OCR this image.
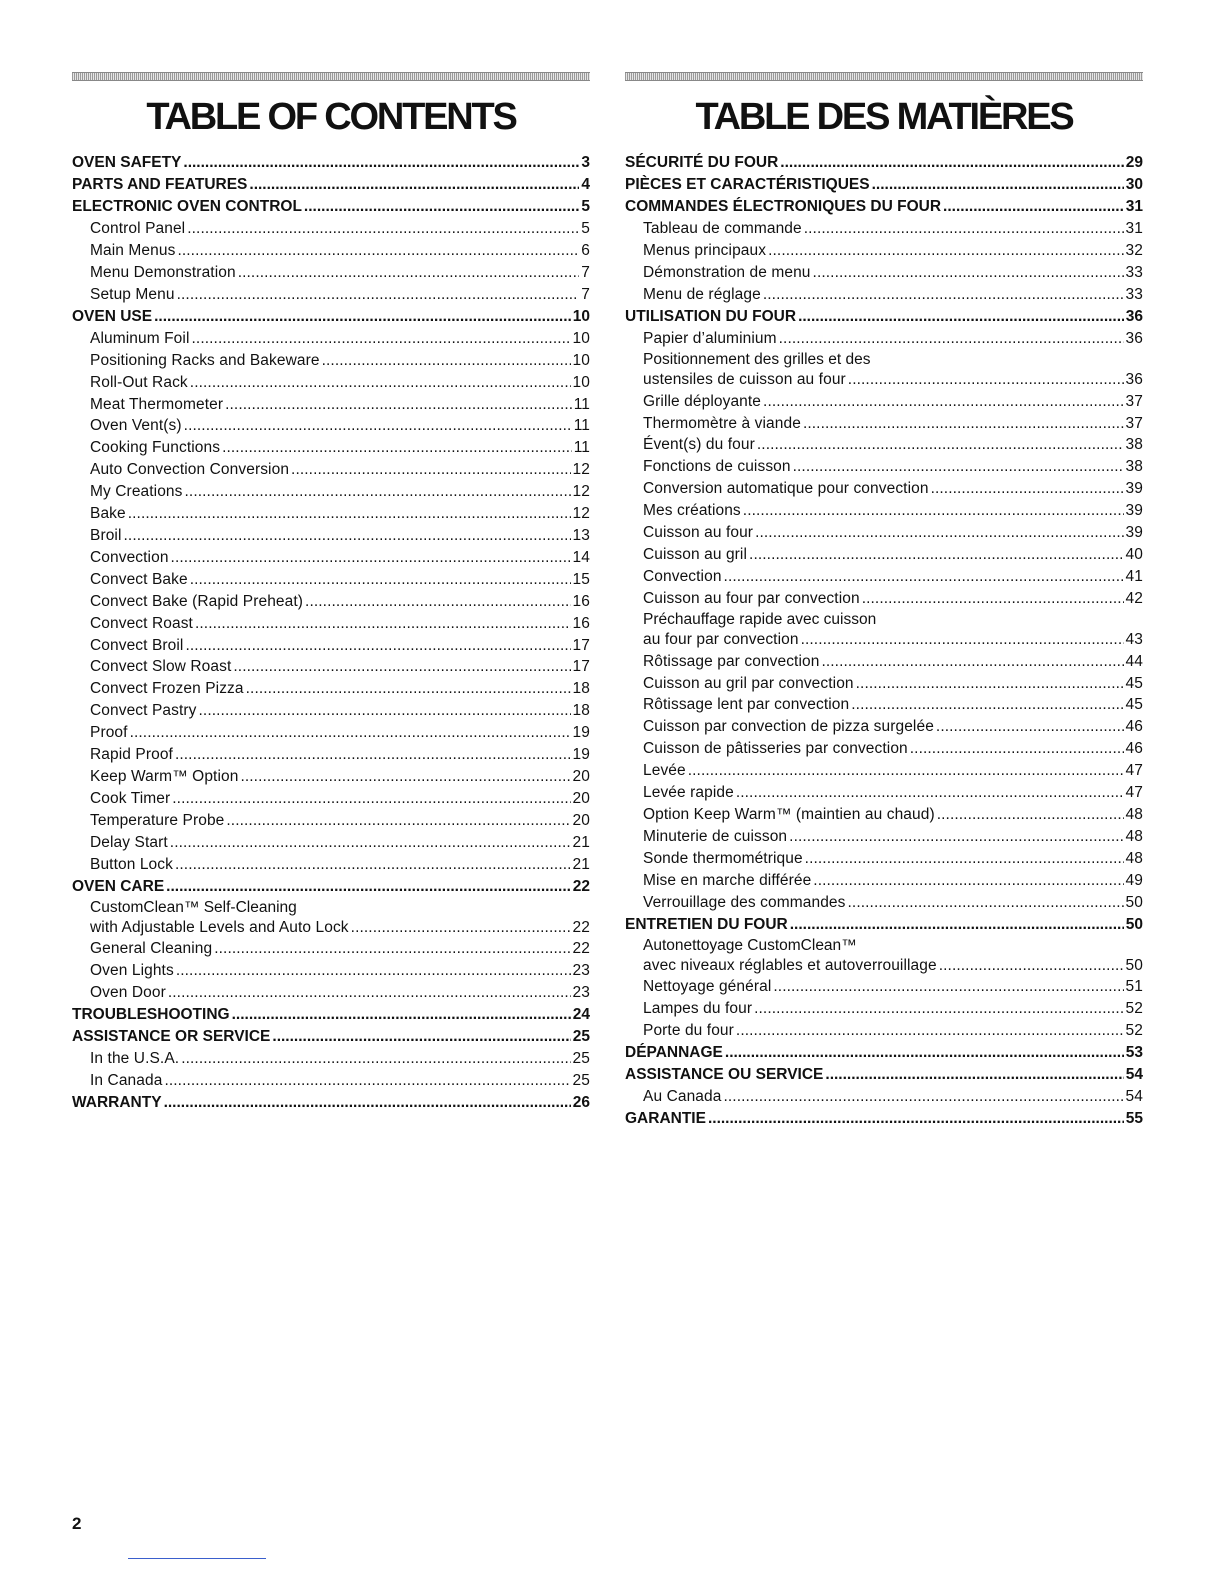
TABLE OF CONTENTS
OVEN SAFETY .....	3
PARTS AND FEATURES .....	4
ELECTRONIC OVEN CONTROL .....	5
Control Panel .....	5
Main Menus .....	6
Menu Demonstration .....	7
Setup Menu .....	7
OVEN USE .....	10
Aluminum Foil .....	10
Positioning Racks and Bakeware .....	10
Roll-Out Rack .....	10
Meat Thermometer .....	11
Oven Vent(s) .....	11
Cooking Functions .....	11
Auto Convection Conversion .....	12
My Creations .....	12
Bake .....	12
Broil .....	13
Convection .....	14
Convect Bake .....	15
Convect Bake (Rapid Preheat) .....	16
Convect Roast .....	16
Convect Broil .....	17
Convect Slow Roast .....	17
Convect Frozen Pizza .....	18
Convect Pastry .....	18
Proof .....	19
Rapid Proof .....	19
Keep Warm™ Option .....	20
Cook Timer .....	20
Temperature Probe .....	20
Delay Start .....	21
Button Lock .....	21
OVEN CARE .....	22
CustomClean™ Self-Cleaning
with Adjustable Levels and Auto Lock .....	22
General Cleaning .....	22
Oven Lights .....	23
Oven Door .....	23
TROUBLESHOOTING .....	24
ASSISTANCE OR SERVICE .....	25
In the U.S.A. .....	25
In Canada .....	25
WARRANTY .....	26
TABLE DES MATIÈRES
SÉCURITÉ DU FOUR .....	29
PIÈCES ET CARACTÉRISTIQUES .....	30
COMMANDES ÉLECTRONIQUES DU FOUR .....	31
Tableau de commande .....	31
Menus principaux .....	32
Démonstration de menu .....	33
Menu de réglage .....	33
UTILISATION DU FOUR .....	36
Papier d’aluminium .....	36
Positionnement des grilles et des
ustensiles de cuisson au four .....	36
Grille déployante .....	37
Thermomètre à viande .....	37
Évent(s) du four .....	38
Fonctions de cuisson .....	38
Conversion automatique pour convection .....	39
Mes créations .....	39
Cuisson au four .....	39
Cuisson au gril .....	40
Convection .....	41
Cuisson au four par convection .....	42
Préchauffage rapide avec cuisson
au four par convection .....	43
Rôtissage par convection .....	44
Cuisson au gril par convection .....	45
Rôtissage lent par convection .....	45
Cuisson par convection de pizza surgelée .....	46
Cuisson de pâtisseries par convection .....	46
Levée .....	47
Levée rapide .....	47
Option Keep Warm™ (maintien au chaud) .....	48
Minuterie de cuisson .....	48
Sonde thermométrique .....	48
Mise en marche différée .....	49
Verrouillage des commandes .....	50
ENTRETIEN DU FOUR .....	50
Autonettoyage CustomClean™
avec niveaux réglables et autoverrouillage .....	50
Nettoyage général .....	51
Lampes du four .....	52
Porte du four .....	52
DÉPANNAGE .....	53
ASSISTANCE OU SERVICE .....	54
Au Canada .....	54
GARANTIE .....	55
2
